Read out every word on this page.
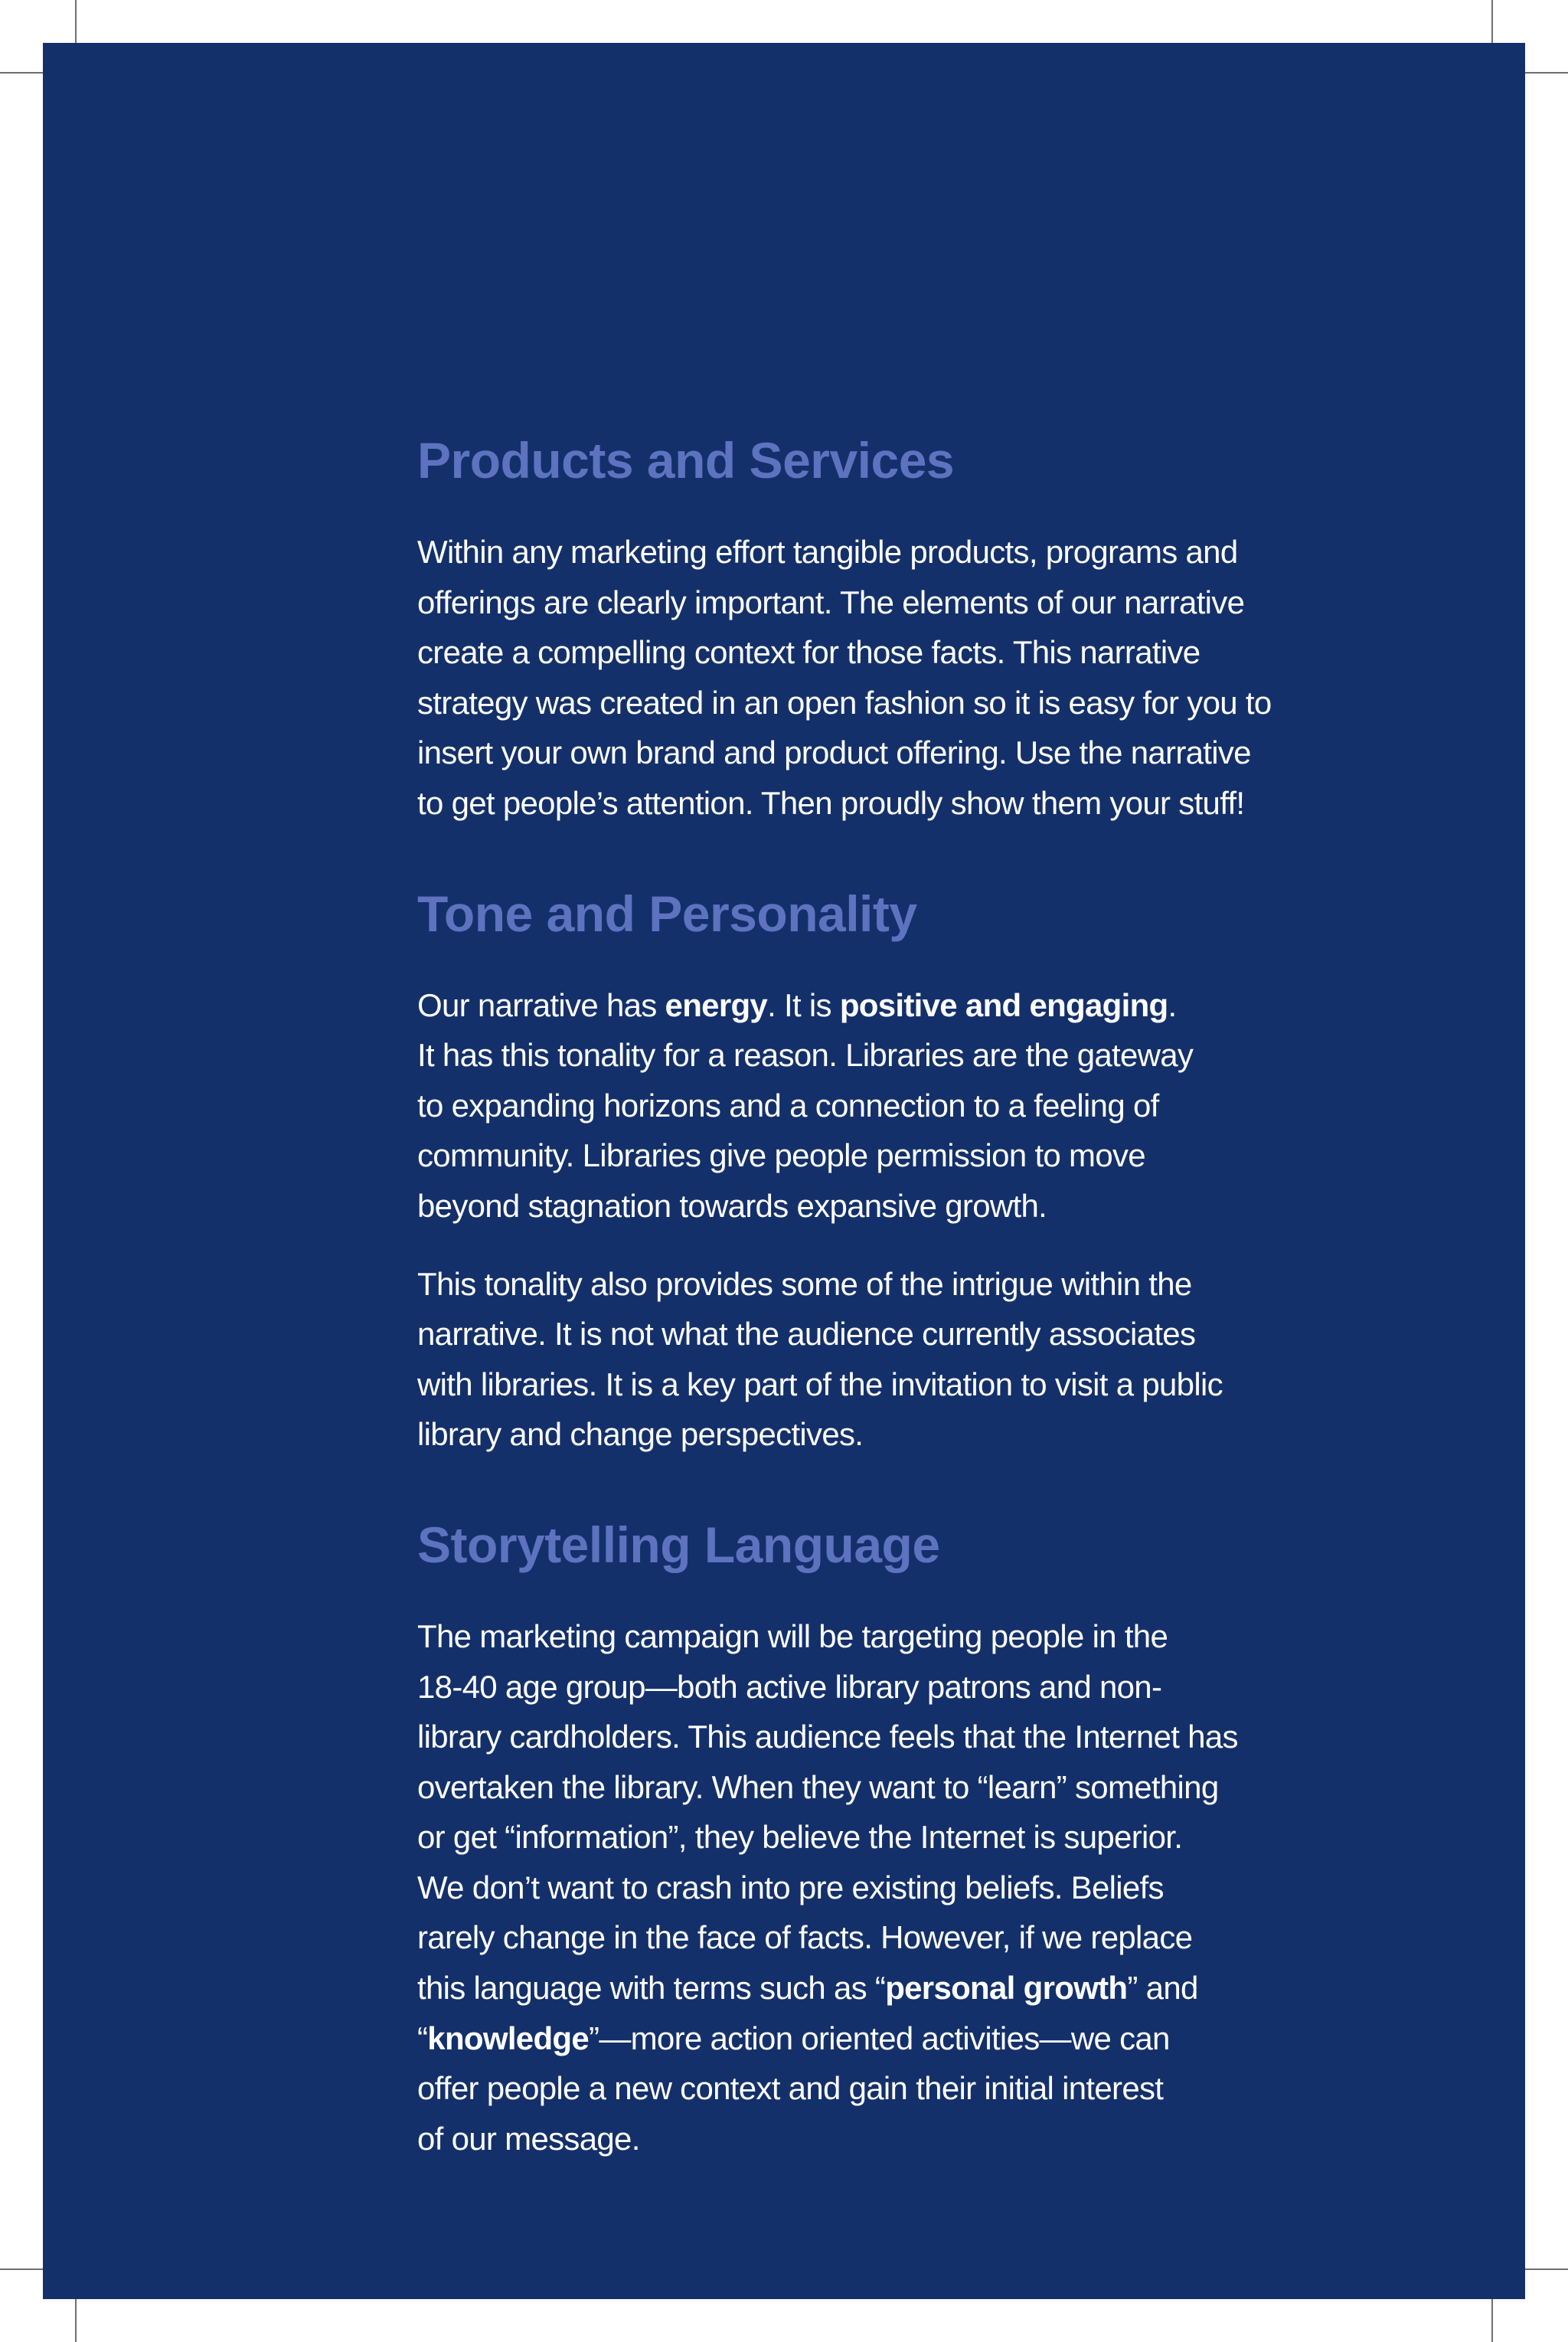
Products and Services

Within any marketing effort tangible products, programs and
offerings are clearly important. The elements of our narrative
create a compelling context for those facts. This narrative
strategy was created in an open fashion so it is easy for you to
insert your own brand and product offering. Use the narrative
to get people’s attention. Then proudly show them your stuff!

Tone and Personality

Our narrative has energy. It is positive and engaging.
It has this tonality for a reason. Libraries are the gateway
to expanding horizons and a connection to a feeling of
community. Libraries give people permission to move
beyond stagnation towards expansive growth.

This tonality also provides some of the intrigue within the
narrative. It is not what the audience currently associates
with libraries. It is a key part of the invitation to visit a public
library and change perspectives.

Storytelling Language

The marketing campaign will be targeting people in the
18-40 age group—both active library patrons and non-
library cardholders. This audience feels that the Internet has
overtaken the library. When they want to “learn” something
or get “information”, they believe the Internet is superior.
We don’t want to crash into pre existing beliefs. Beliefs
rarely change in the face of facts. However, if we replace
this language with terms such as “personal growth” and
“knowledge”—more action oriented activities—we can
offer people a new context and gain their initial interest
of our message.
